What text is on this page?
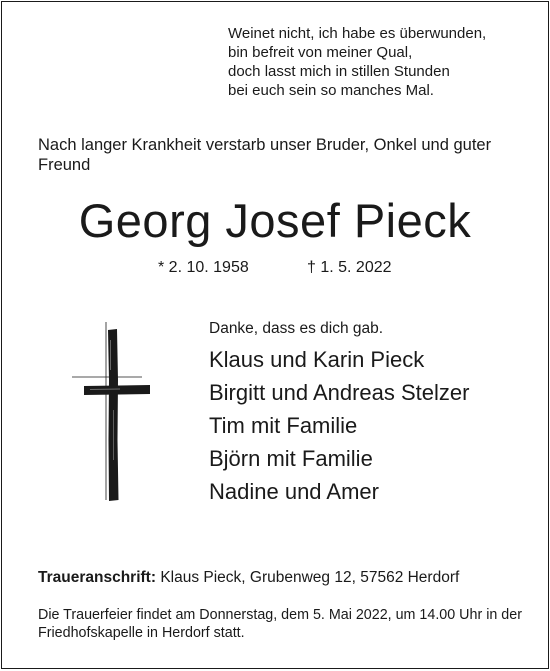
Weinet nicht, ich habe es überwunden,
bin befreit von meiner Qual,
doch lasst mich in stillen Stunden
bei euch sein so manches Mal.
Nach langer Krankheit verstarb unser Bruder, Onkel und guter Freund
Georg Josef Pieck
* 2. 10. 1958	† 1. 5. 2022
Danke, dass es dich gab.
Klaus und Karin Pieck
Birgitt und Andreas Stelzer
Tim mit Familie
Björn mit Familie
Nadine und Amer
Traueranschrift: Klaus Pieck, Grubenweg 12, 57562 Herdorf
Die Trauerfeier findet am Donnerstag, dem 5. Mai 2022, um 14.00 Uhr in der Friedhofskapelle in Herdorf statt.
